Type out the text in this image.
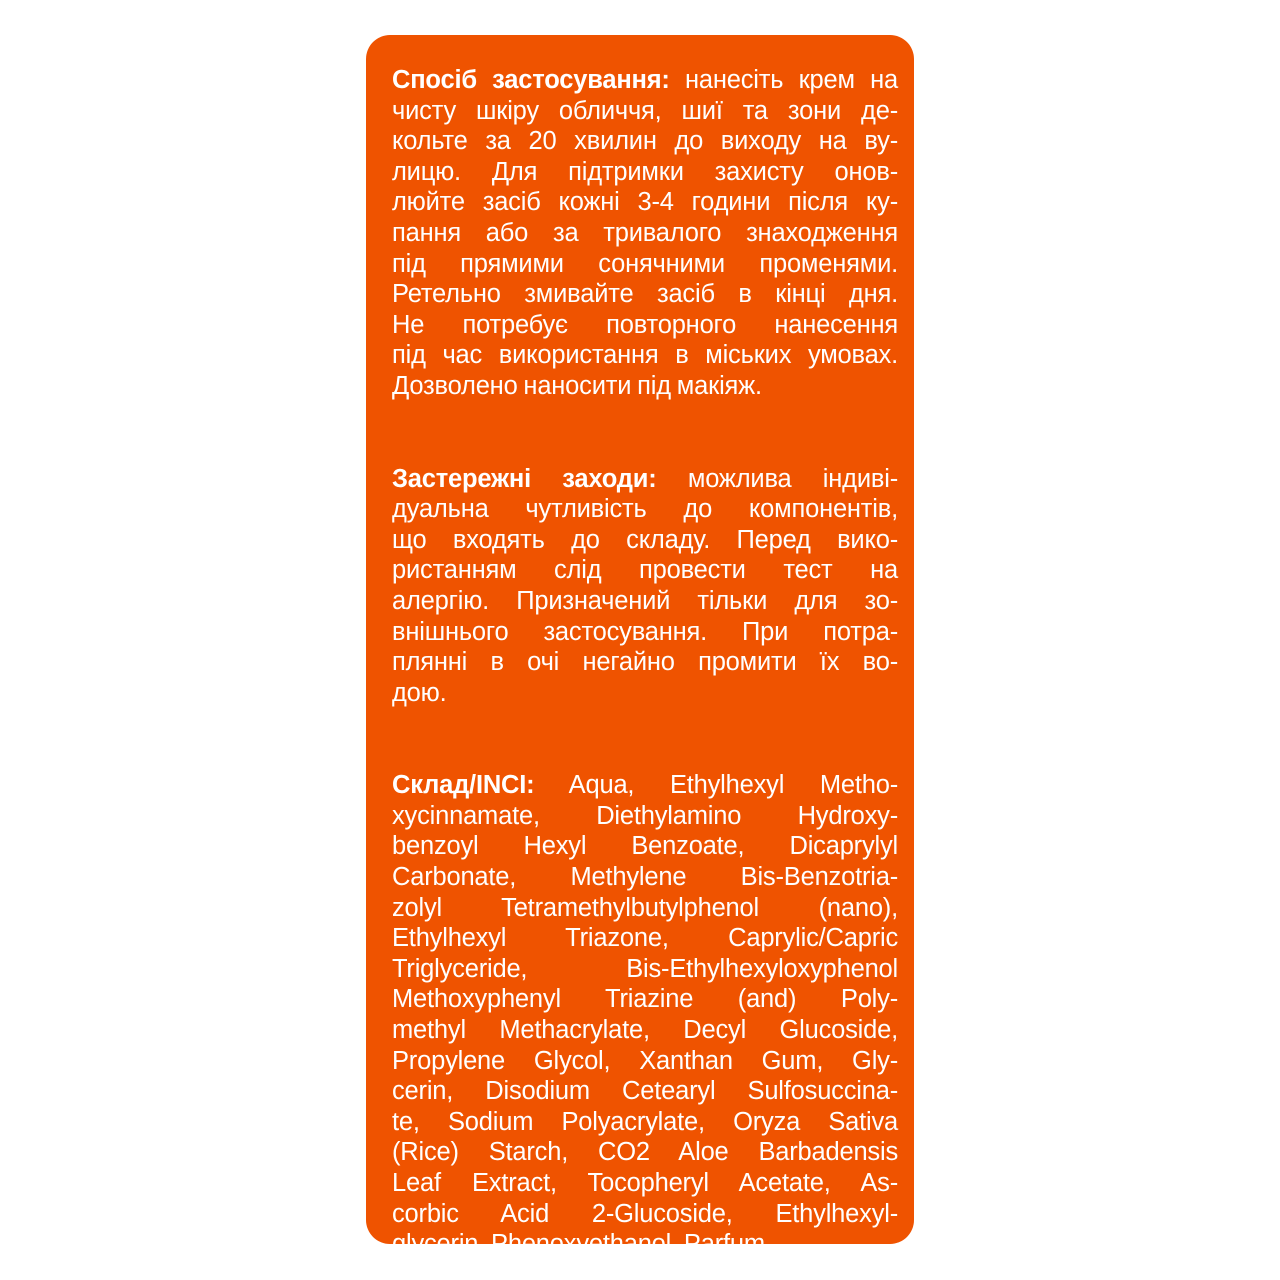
Спосіб застосування: нанесіть крем на
чисту шкіру обличчя, шиї та зони де-
кольте за 20 хвилин до виходу на ву-
лицю. Для підтримки захисту онов-
люйте засіб кожні 3-4 години після ку-
пання або за тривалого знаходження
під прямими сонячними променями.
Ретельно змивайте засіб в кінці дня.
Не потребує повторного нанесення
під час використання в міських умовах.
Дозволено наносити під макіяж.
Застережні заходи: можлива індиві-
дуальна чутливість до компонентів,
що входять до складу. Перед вико-
ристанням слід провести тест на
алергію. Призначений тільки для зо-
внішнього застосування. При потра-
плянні в очі негайно промити їх во-
дою.
Склад/INCI: Aqua, Ethylhexyl Metho-
xycinnamate, Diethylamino Hydroxy-
benzoyl Hexyl Benzoate, Dicaprylyl
Carbonate, Methylene Bis-Benzotria-
zolyl Tetramethylbutylphenol (nano),
Ethylhexyl Triazone, Caprylic/Capric
Triglyceride, Bis-Ethylhexyloxyphenol
Methoxyphenyl Triazine (and) Poly-
methyl Methacrylate, Decyl Glucoside,
Propylene Glycol, Xanthan Gum, Gly-
cerin, Disodium Cetearyl Sulfosuccina-
te, Sodium Polyacrylate, Oryza Sativa
(Rice) Starch, CO2 Aloe Barbadensis
Leaf Extract, Tocopheryl Acetate, As-
corbic Acid 2-Glucoside, Ethylhexyl-
glycerin, Phenoxyethanol, Parfum
